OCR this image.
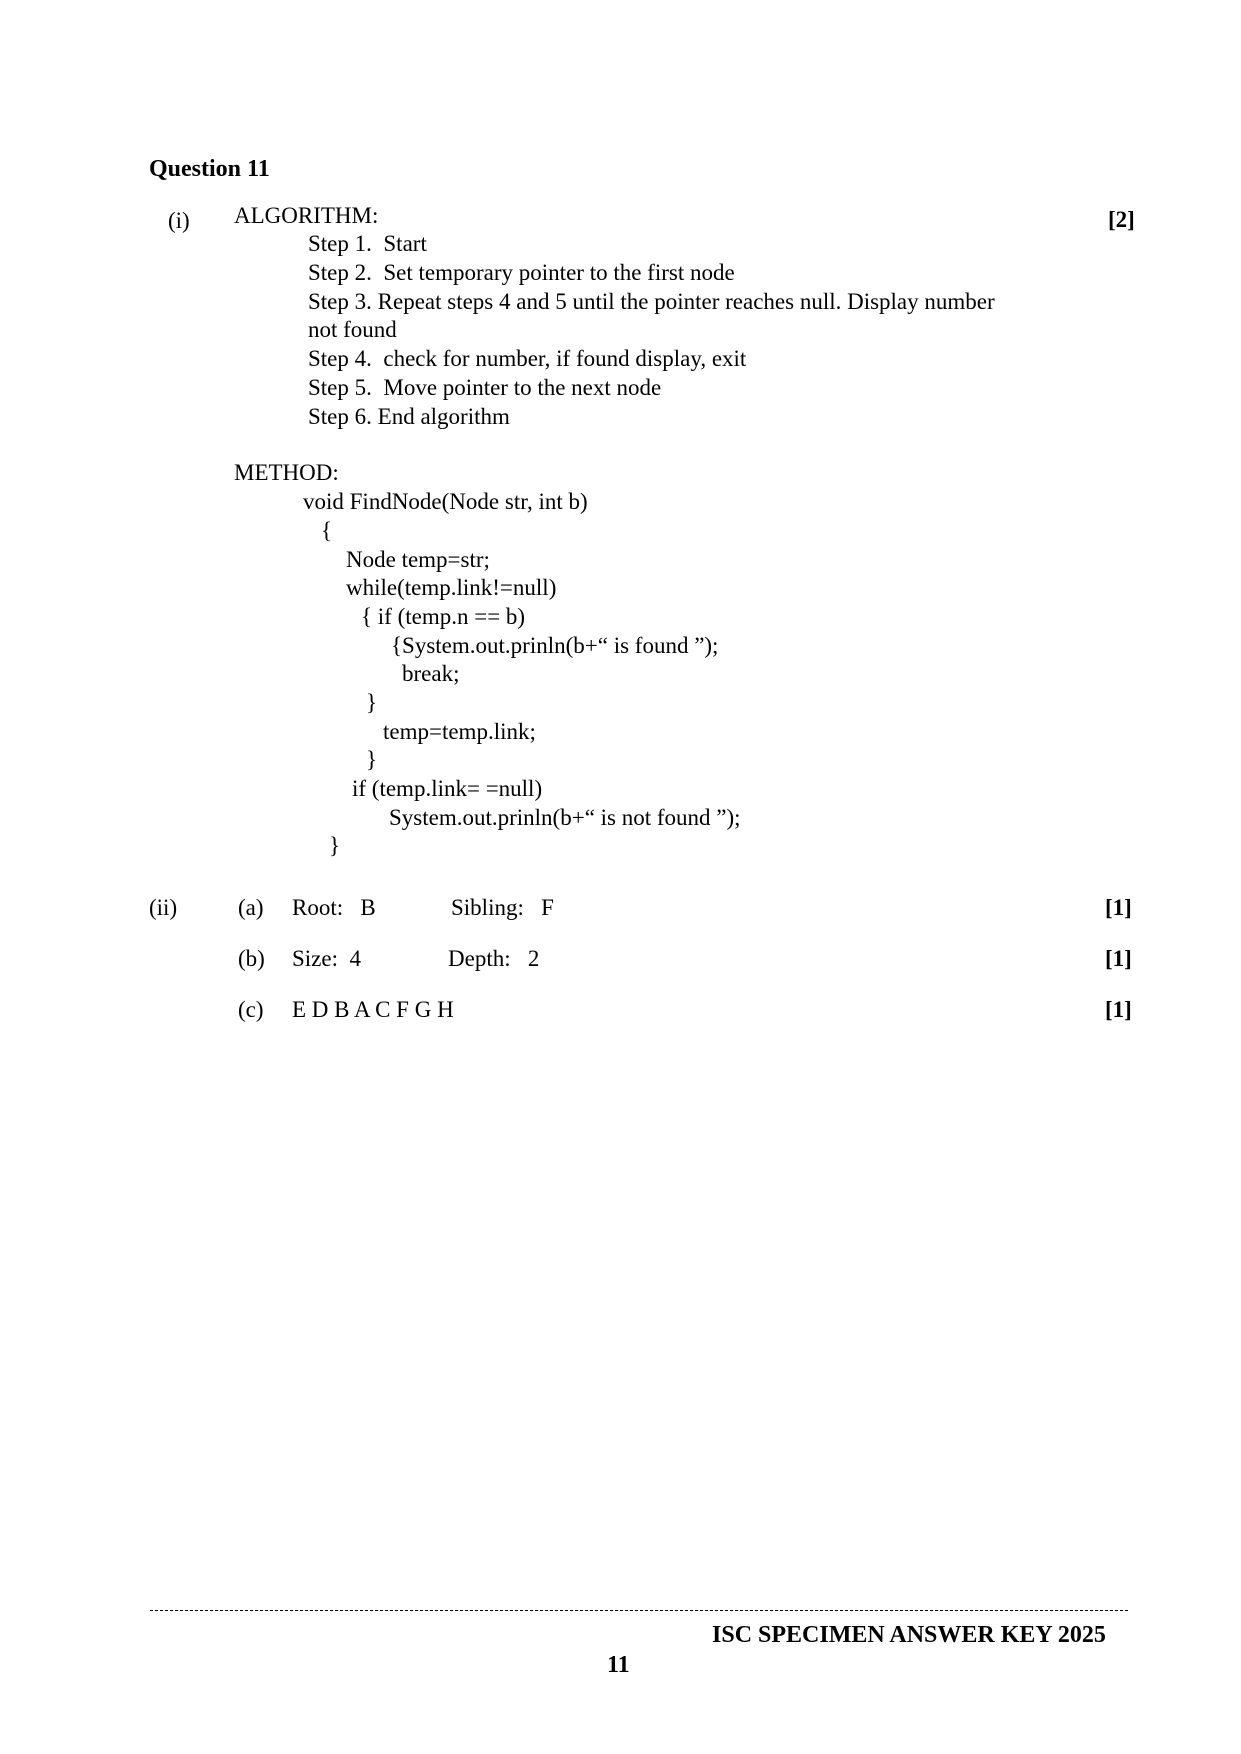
Question 11
(i) ALGORITHM:	[2]
Step 1.  Start
Step 2.  Set temporary pointer to the first node
Step 3. Repeat steps 4 and 5 until the pointer reaches null. Display number
not found
Step 4.  check for number, if found display, exit
Step 5.  Move pointer to the next node
Step 6. End algorithm
METHOD:
void FindNode(Node str, int b)
{
Node temp=str;
while(temp.link!=null)
{ if (temp.n == b)
{System.out.prinln(b+“ is found ”);
break;
}
temp=temp.link;
}
if (temp.link= =null)
System.out.prinln(b+“ is not found ”);
}
(ii)	(a) Root:   B	Sibling:   F	[1]
(b) Size:  4	Depth:   2	[1]
(c) E D B A C F G H	[1]
ISC SPECIMEN ANSWER KEY 2025
11
